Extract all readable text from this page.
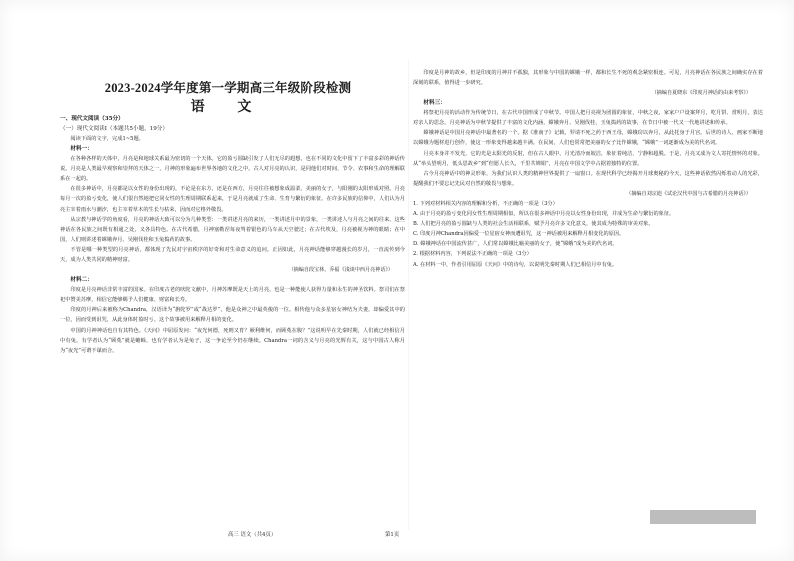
2023-2024学年度第一学期高三年级阶段检测
语 文

一、现代文阅读（35分）

（一）现代文阅读Ⅰ（本题共5小题，19分）

阅读下面的文字，完成1~5题。

材料一：

在各种各样的天体中，月亮是和地球关系最为密切的一个天体。它的盈亏圆缺引发了人们无尽的遐想，也在不同的文化中留下了丰富多彩的神话传说。月亮是人类最早观察和崇拜的天体之一，月神的形象遍布世界各地的文化之中。古人对月亮的认识，是同他们对时间、节令、农事和生命的理解联系在一起的。

在很多神话中，月亮都是以女性的身份出现的。不论是在东方，还是在西方，月亮往往被想象成温柔、美丽的女子，与阳刚的太阳形成对照。月亮每月一次的盈亏变化，使人们很自然地把它同女性的生理周期联系起来，于是月亮就成了生命、生育与繁衍的象征。在许多民族的信仰中，人们认为月亮主宰着雨水与潮汐，也主宰着草木的生长与枯荣，因而对它格外敬畏。

从宗教与神话学的角度看，月亮的神话大致可以分为几种类型：一类讲述月亮的来历，一类讲述月中的景象，一类讲述人与月亮之间的往来。这些神话在各民族之间既有相通之处，又各具特色。在古代希腊，月神塞勒涅每夜驾着银色的马车从天空驶过；在古代埃及，月亮被视为神的眼睛；在中国，人们则讲述着嫦娥奔月、吴刚伐桂和玉兔捣药的故事。

不管是哪一种类型的月亮神话，都体现了先民对宇宙秩序的好奇和对生命意义的追问。正因如此，月亮神话能够穿越漫长的岁月，一直流传到今天，成为人类共同的精神财富。

（摘编自段宝林、乔福《浅谈中西月亮神话》）

材料二：

印度是月亮神话非常丰富的国家。在印度古老的吠陀文献中，月神苏摩既是天上的月亮，也是一种能使人获得力量和永生的神圣饮料。祭司们在祭祀中赞美苏摩，相信它能够赐予人们健康、财富和长寿。

印度的月神后来被称为Chandra，汉语译为“旃陀罗”或“战达罗”，他是众神之中最英俊的一位。相传他与众多星宿女神结为夫妻，却偏爱其中的一位，因而受到诅咒，从此身体时盈时亏。这个故事被用来解释月相的变化。

中国的月神神话也自有其特色。《天问》中屈原发问：“夜光何德，死则又育？厥利维何，而顾菟在腹？”这说明早在先秦时期，人们就已经相信月中有兔。有学者认为“顾菟”就是蟾蜍，也有学者认为是兔子，这一争论至今仍在继续。Chandra一词的含义与月亮的光辉有关，这与中国古人称月为“夜光”可谓不谋而合。

印度是月神的故乡，但是印度的月神并不孤独，其形象与中国的嫦娥一样，都和长生不死的观念紧密相连。可见，月亮神话在各民族之间确实存在着深刻的联系，值得进一步研究。

（摘编自夏晓东《印度月神话的由来考察》）

材料三：

将祭祀月亮的活动作为传统节日，在古代中国形成了中秋节。中国人把月亮视为团圆的象征，中秋之夜，家家户户设案拜月，吃月饼、赏明月，表达对亲人的思念。月亮神话为中秋节提供了丰富的文化内涵，嫦娥奔月、吴刚伐桂、玉兔捣药的故事，在节日中被一代又一代地讲述和传承。

嫦娥神话是中国月亮神话中最著名的一个。据《淮南子》记载，羿请不死之药于西王母，嫦娥窃以奔月，从此托身于月宫。后世的诗人、画家不断地以嫦娥为题材进行创作，使这一形象变得越来越丰满。在民间，人们也常常把美丽的女子比作嫦娥，“嫦娥”一词逐渐成为美的代名词。

月亮本身并不发光，它的光是太阳光的反射，但在古人眼中，月光清冷而皎洁，象征着纯洁、宁静和超脱。于是，月亮又成为文人寄托情怀的对象。从“举头望明月，低头思故乡”到“但愿人长久，千里共婵娟”，月亮在中国文学中占据着独特的位置。

古今月亮神话中的神灵形象，为我们认识人类的精神世界提供了一扇窗口。在现代科学已经揭开月球奥秘的今天，这些神话依然闪烁着动人的光彩，提醒我们不要忘记先民对自然的敬畏与想象。

（摘编自刘宗迪《试论汉代中国与古希腊的月亮神话》）

1. 下列对材料相关内容的理解和分析，不正确的一项是（3分）

A. 由于月亮的盈亏变化同女性生理周期相似，所以在很多神话中月亮以女性身份出现，并成为生命与繁衍的象征。

B. 人们把月亮的盈亏圆缺与人类的社会生活相联系，赋予月亮许多文化意义，使其成为特殊的审美对象。

C. 印度月神Chandra因偏爱一位星宿女神而遭诅咒，这一神话被用来解释月相变化的原因。

D. 嫦娥神话在中国流传甚广，人们常以嫦娥比喻美丽的女子，使“嫦娥”成为美的代名词。

2. 根据材料内容，下列说法不正确的一项是（3分）

A. 在材料一中，作者引用屈原《天问》中的诗句，以说明先秦时期人们已相信月中有兔。

高三 语文（共4页）	第1页
